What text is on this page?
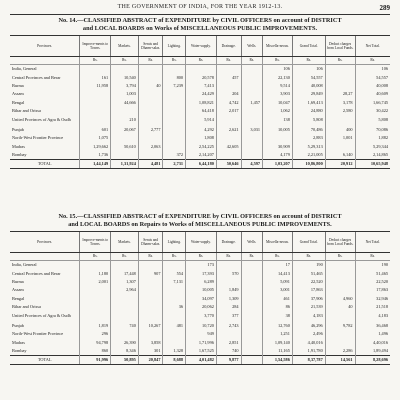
THE GOVERNMENT OF INDIA, FOR THE YEAR 1912-13.	289
No. 14.—CLASSIFIED ABSTRACT of EXPENDITURE by CIVIL OFFICERS on account of DISTRICT
and LOCAL BOARDS on Works of MISCELLANEOUS PUBLIC IMPROVEMENTS.
Provinces.	Improve-ments to Towns.	Markets.	Serais and Dharm-salas.	Lighting.	Water-supply.	Drainage.	Wells.	Miscella-neous.	Grand Total.	Deduct charges from Local Funds.	Net Total.
	Rs.	Rs.	Rs.	Rs.	Rs.	Rs.	Rs.	Rs.	Rs.	Rs.	Rs.
India, General								106	106		106
Central Provinces and Berar	161	10,540		800	20,578	457		22,130	54,557		54,557
Burma	11,958	3,794	40	7,239	7,413			9,514	40,008		40,008
Assam		1,003			24,429	204		3,903	29,849	28,27	40,609
Bengal		44,666			1,08,821	4,742	1,457	10,047	1,69,413	3,178	1,66,745
Bihar and Orissa					64,418	2,017		1,062	24,880	2,580	30,422
United Provinces of Agra & Oudh		210			5,914			138	5,808		5,808
Punjab	601	20,067	2,777		4,292	2,621	3,031	10,005	70,486	400	70,086
North-West Frontier Province	1,075				1,808				2,883	1,001	1,882
Madras	1,29,662	50,610	2,063		2,54,225	42,605		30,909	5,29,313		5,29,344
Bombay	1,736			372	2,14,207			4,179	2,21,005	6,140	2,14,865
TOTAL	1,44,149	1,31,924	4,481	2,731	6,44,180	50,646	4,597	1,03,207	10,86,800	20,912	10,65,948
No. 15.—CLASSIFIED ABSTRACT of EXPENDITURE by CIVIL OFFICERS on account of DISTRICT
and LOCAL BOARDS on Repairs to Works of MISCELLANEOUS PUBLIC IMPROVEMENTS.
Provinces.	Improve-ments to Towns.	Markets.	Serais and Dharm-salas.	Lighting.	Water-supply.	Drainage.	Wells.	Miscella-neous.	Grand Total.	Deduct charges from Local Funds.	Net Total.
	Rs.	Rs.	Rs.	Rs.	Rs.	Rs.	Rs.	Rs.	Rs.	Rs.	Rs.
India, General					173			17	190		190
Central Provinces and Berar	1,180	17,448	907	554	17,393	570		14,413	51,465		51,465
Burma	2,001	1,307		7,131	6,289			5,091	22,520		22,520
Assam		2,964			10,005	1,849		3,001	17,863		17,863
Bengal					34,097	1,309		461	37,906	4,960	32,946
Bihar and Orissa				36	20,062	284		86	21,539	40	21,518
United Provinces of Agra & Oudh					3,770	377		38	4,183		4,183
Punjab	1,819	740	10,267	481	10,720	2,743		12,760	46,296	9,782	36,468
North-West Frontier Province	296				949			1,251	2,496		1,496
Madras	94,798	26,390	3,858		1,71,996	2,851		1,09,140	4,40,016		4,40,016
Bombay	860	8,346	301	1,328	1,67,525	740		11,165	1,91,780	2,286	1,89,494
TOTAL	91,996	50,895	20,847	8,688	4,01,482	9,877		1,54,586	8,37,787	14,561	8,28,696
